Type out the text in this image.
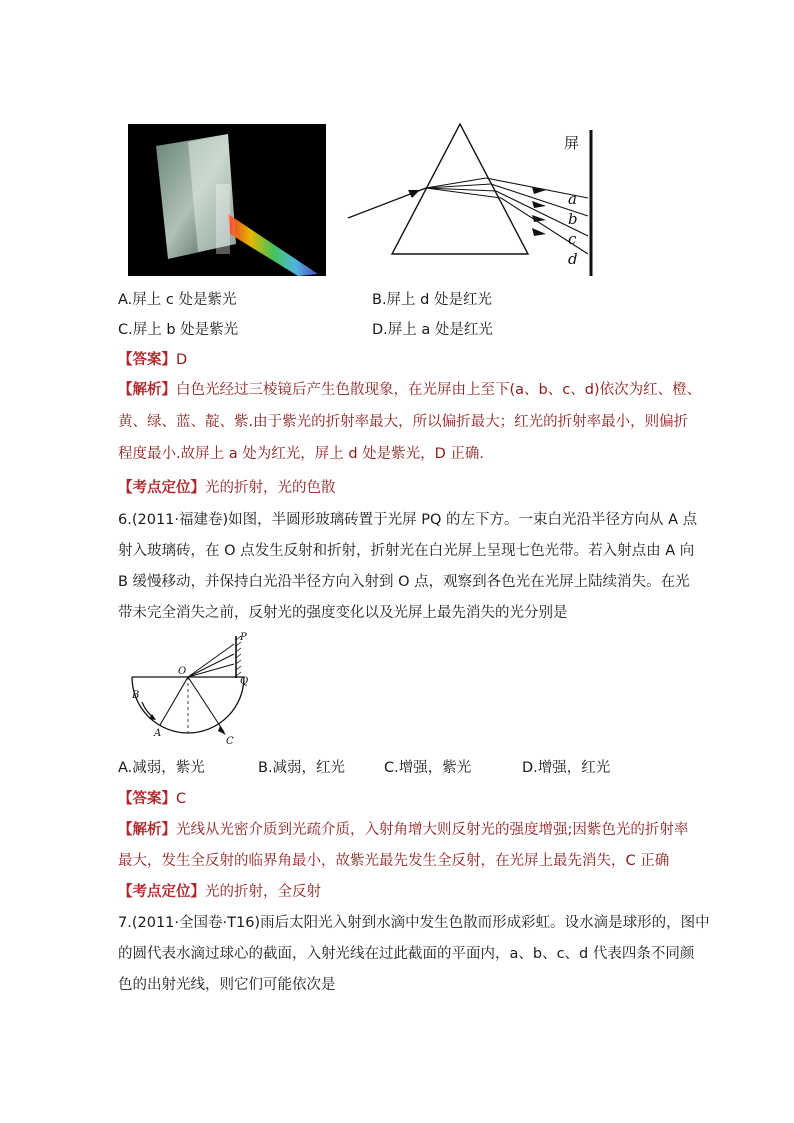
屏
a
b
c
d
A.屏上 c 处是紫光	B.屏上 d 处是红光
C.屏上 b 处是紫光	D.屏上 a 处是红光
【答案】D
【解析】白色光经过三棱镜后产生色散现象，在光屏由上至下(a、b、c、d)依次为红、橙、
黄、绿、蓝、靛、紫.由于紫光的折射率最大，所以偏折最大；红光的折射率最小，则偏折
程度最小.故屏上 a 处为红光，屏上 d 处是紫光，D 正确.
【考点定位】光的折射，光的色散
6.(2011·福建卷)如图，半圆形玻璃砖置于光屏 PQ 的左下方。一束白光沿半径方向从 A 点
射入玻璃砖，在 O 点发生反射和折射，折射光在白光屏上呈现七色光带。若入射点由 A 向
B 缓慢移动，并保持白光沿半径方向入射到 O 点，观察到各色光在光屏上陆续消失。在光
带未完全消失之前，反射光的强度变化以及光屏上最先消失的光分别是
O
B
A
C
P
Q
A.减弱，紫光	B.减弱，红光	C.增强，紫光	D.增强，红光
【答案】C
【解析】光线从光密介质到光疏介质，入射角增大则反射光的强度增强;因紫色光的折射率
最大，发生全反射的临界角最小，故紫光最先发生全反射，在光屏上最先消失，C 正确
【考点定位】光的折射，全反射
7.(2011·全国卷·T16)雨后太阳光入射到水滴中发生色散而形成彩虹。设水滴是球形的，图中
的圆代表水滴过球心的截面，入射光线在过此截面的平面内，a、b、c、d 代表四条不同颜
色的出射光线，则它们可能依次是
